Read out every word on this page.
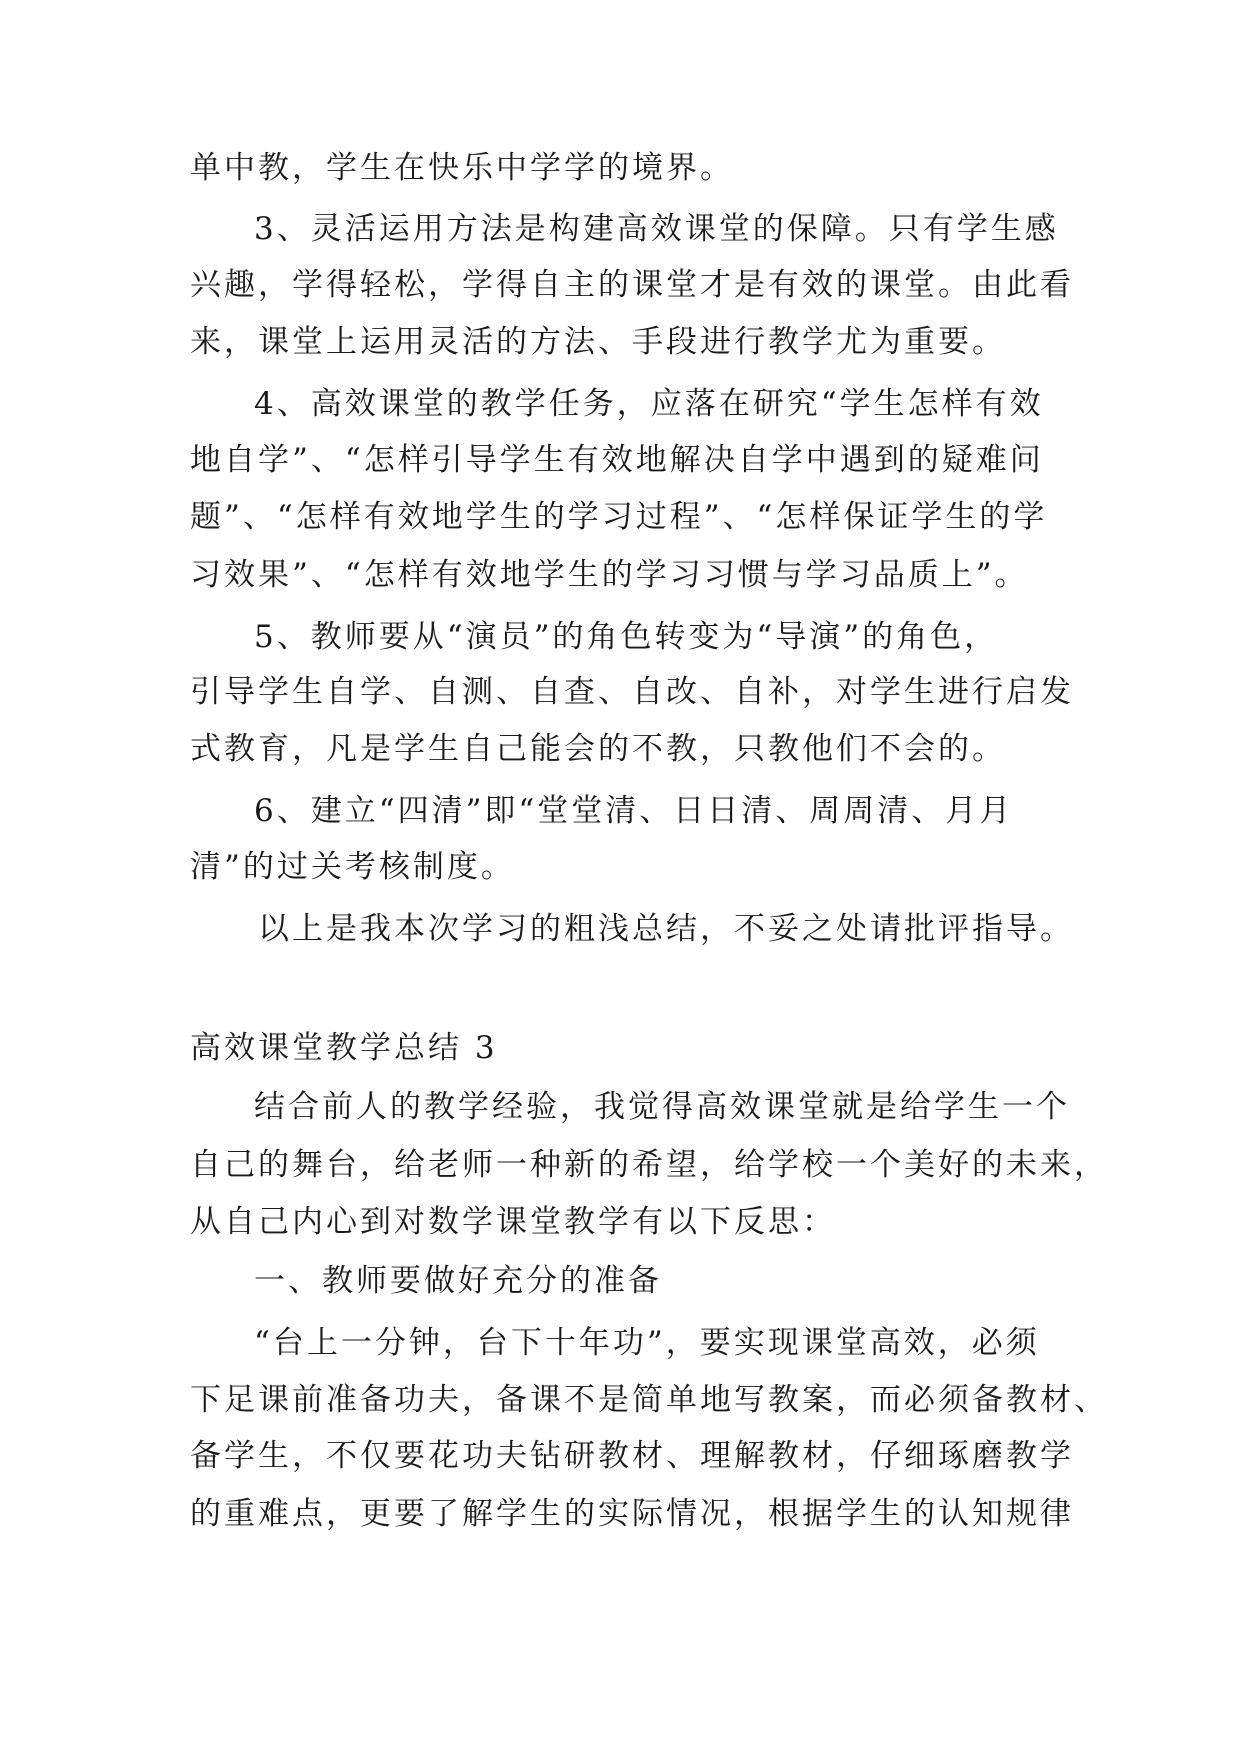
单中教，学生在快乐中学学的境界。
3、灵活运用方法是构建高效课堂的保障。只有学生感
兴趣，学得轻松，学得自主的课堂才是有效的课堂。由此看
来，课堂上运用灵活的方法、手段进行教学尤为重要。
4、高效课堂的教学任务，应落在研究“学生怎样有效
地自学”、“怎样引导学生有效地解决自学中遇到的疑难问
题”、“怎样有效地学生的学习过程”、“怎样保证学生的学
习效果”、“怎样有效地学生的学习习惯与学习品质上”。
5、教师要从“演员”的角色转变为“导演”的角色，
引导学生自学、自测、自查、自改、自补，对学生进行启发
式教育，凡是学生自己能会的不教，只教他们不会的。
6、建立“四清”即“堂堂清、日日清、周周清、月月
清”的过关考核制度。
以上是我本次学习的粗浅总结，不妥之处请批评指导。
高效课堂教学总结 3
结合前人的教学经验，我觉得高效课堂就是给学生一个
自己的舞台，给老师一种新的希望，给学校一个美好的未来，
从自己内心到对数学课堂教学有以下反思：
一、教师要做好充分的准备
“台上一分钟，台下十年功”，要实现课堂高效，必须
下足课前准备功夫，备课不是简单地写教案，而必须备教材、
备学生，不仅要花功夫钻研教材、理解教材，仔细琢磨教学
的重难点，更要了解学生的实际情况，根据学生的认知规律
